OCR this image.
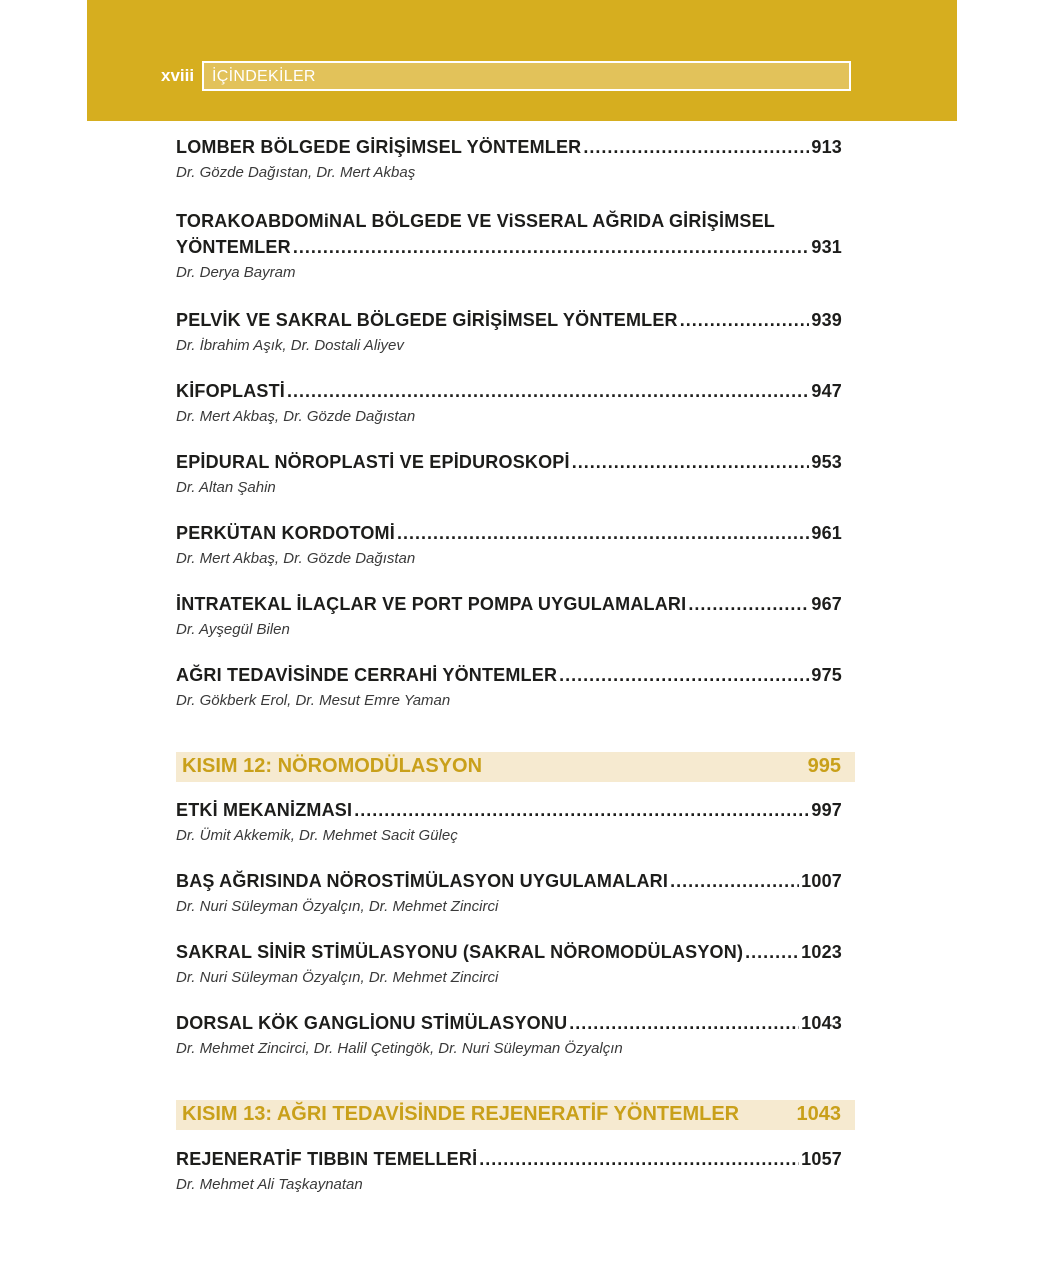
xviii İÇİNDEKİLER
LOMBER BÖLGEDE GİRİŞİMSEL YÖNTEMLER .....	913
Dr. Gözde Dağıstan, Dr. Mert Akbaş
TORAKOABDOMiNAL BÖLGEDE VE ViSSERAL AĞRIDA GİRİŞİMSEL
YÖNTEMLER .....	931
Dr. Derya Bayram
PELVİK VE SAKRAL BÖLGEDE GİRİŞİMSEL YÖNTEMLER .....	939
Dr. İbrahim Aşık, Dr. Dostali Aliyev
KİFOPLASTİ .....	947
Dr. Mert Akbaş, Dr. Gözde Dağıstan
EPİDURAL NÖROPLASTİ VE EPİDUROSKOPİ .....	953
Dr. Altan Şahin
PERKÜTAN KORDOTOMİ .....	961
Dr. Mert Akbaş, Dr. Gözde Dağıstan
İNTRATEKAL İLAÇLAR VE PORT POMPA UYGULAMALARI .....	967
Dr. Ayşegül Bilen
AĞRI TEDAVİSİNDE CERRAHİ YÖNTEMLER .....	975
Dr. Gökberk Erol, Dr. Mesut Emre Yaman
KISIM 12: NÖROMODÜLASYON	995
ETKİ MEKANİZMASI .....	997
Dr. Ümit Akkemik, Dr. Mehmet Sacit Güleç
BAŞ AĞRISINDA NÖROSTİMÜLASYON UYGULAMALARI .....	1007
Dr. Nuri Süleyman Özyalçın, Dr. Mehmet Zincirci
SAKRAL SİNİR STİMÜLASYONU (SAKRAL NÖROMODÜLASYON) .....	1023
Dr. Nuri Süleyman Özyalçın, Dr. Mehmet Zincirci
DORSAL KÖK GANGLİONU STİMÜLASYONU .....	1043
Dr. Mehmet Zincirci, Dr. Halil Çetingök, Dr. Nuri Süleyman Özyalçın
KISIM 13: AĞRI TEDAVİSİNDE REJENERATİF YÖNTEMLER	1043
REJENERATİF TIBBIN TEMELLERİ .....	1057
Dr. Mehmet Ali Taşkaynatan
